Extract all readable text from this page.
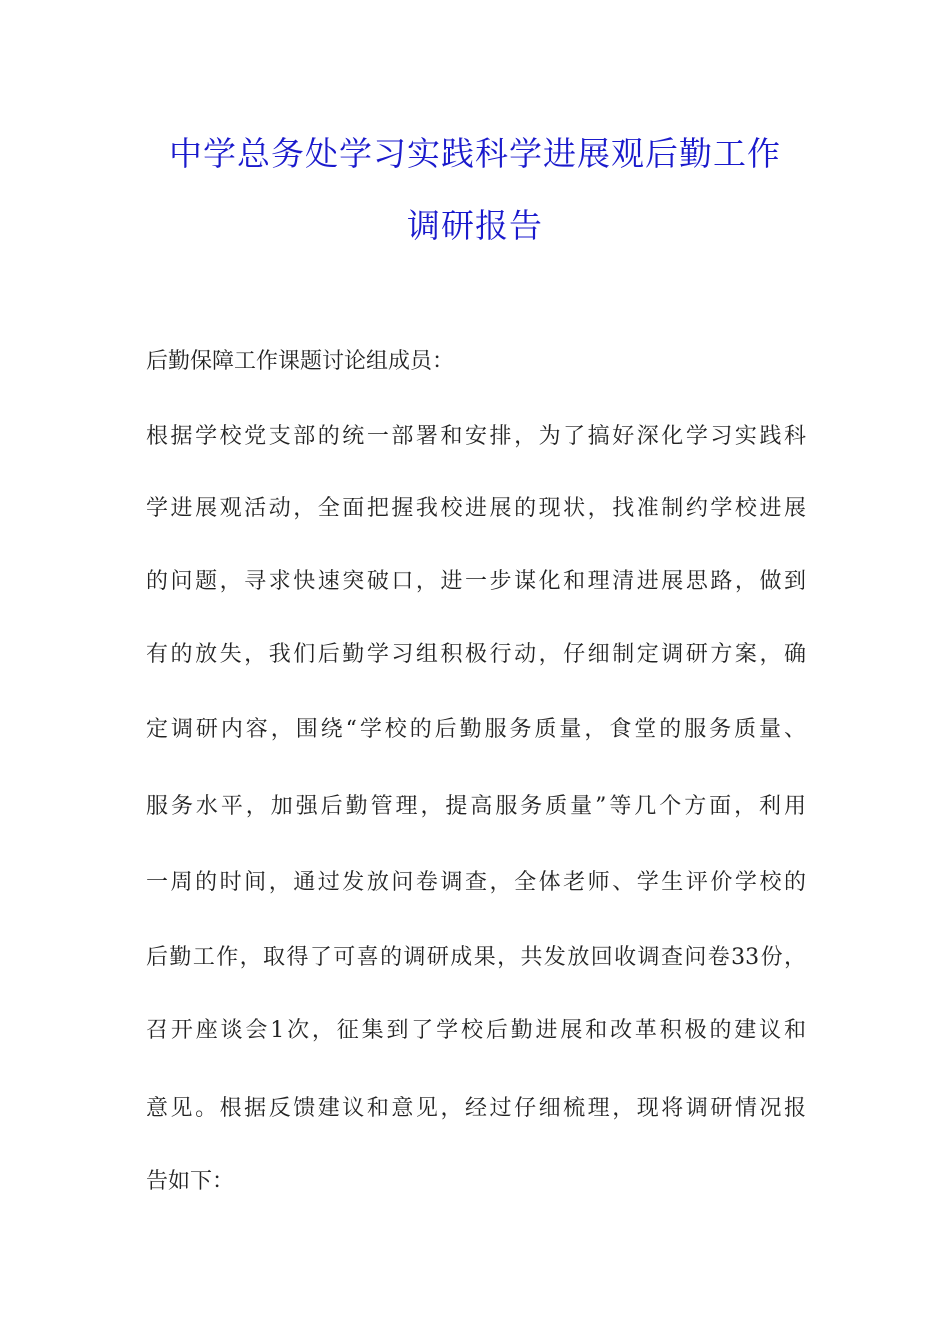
中学总务处学习实践科学进展观后勤工作
调研报告
后勤保障工作课题讨论组成员：
根据学校党支部的统一部署和安排，为了搞好深化学习实践科
学进展观活动，全面把握我校进展的现状，找准制约学校进展
的问题，寻求快速突破口，进一步谋化和理清进展思路，做到
有的放失，我们后勤学习组积极行动，仔细制定调研方案，确
定调研内容，围绕“学校的后勤服务质量，食堂的服务质量、
服务水平，加强后勤管理，提高服务质量”等几个方面，利用
一周的时间，通过发放问卷调查，全体老师、学生评价学校的
后勤工作，取得了可喜的调研成果，共发放回收调查问卷33份，
召开座谈会1次，征集到了学校后勤进展和改革积极的建议和
意见。根据反馈建议和意见，经过仔细梳理，现将调研情况报
告如下：
